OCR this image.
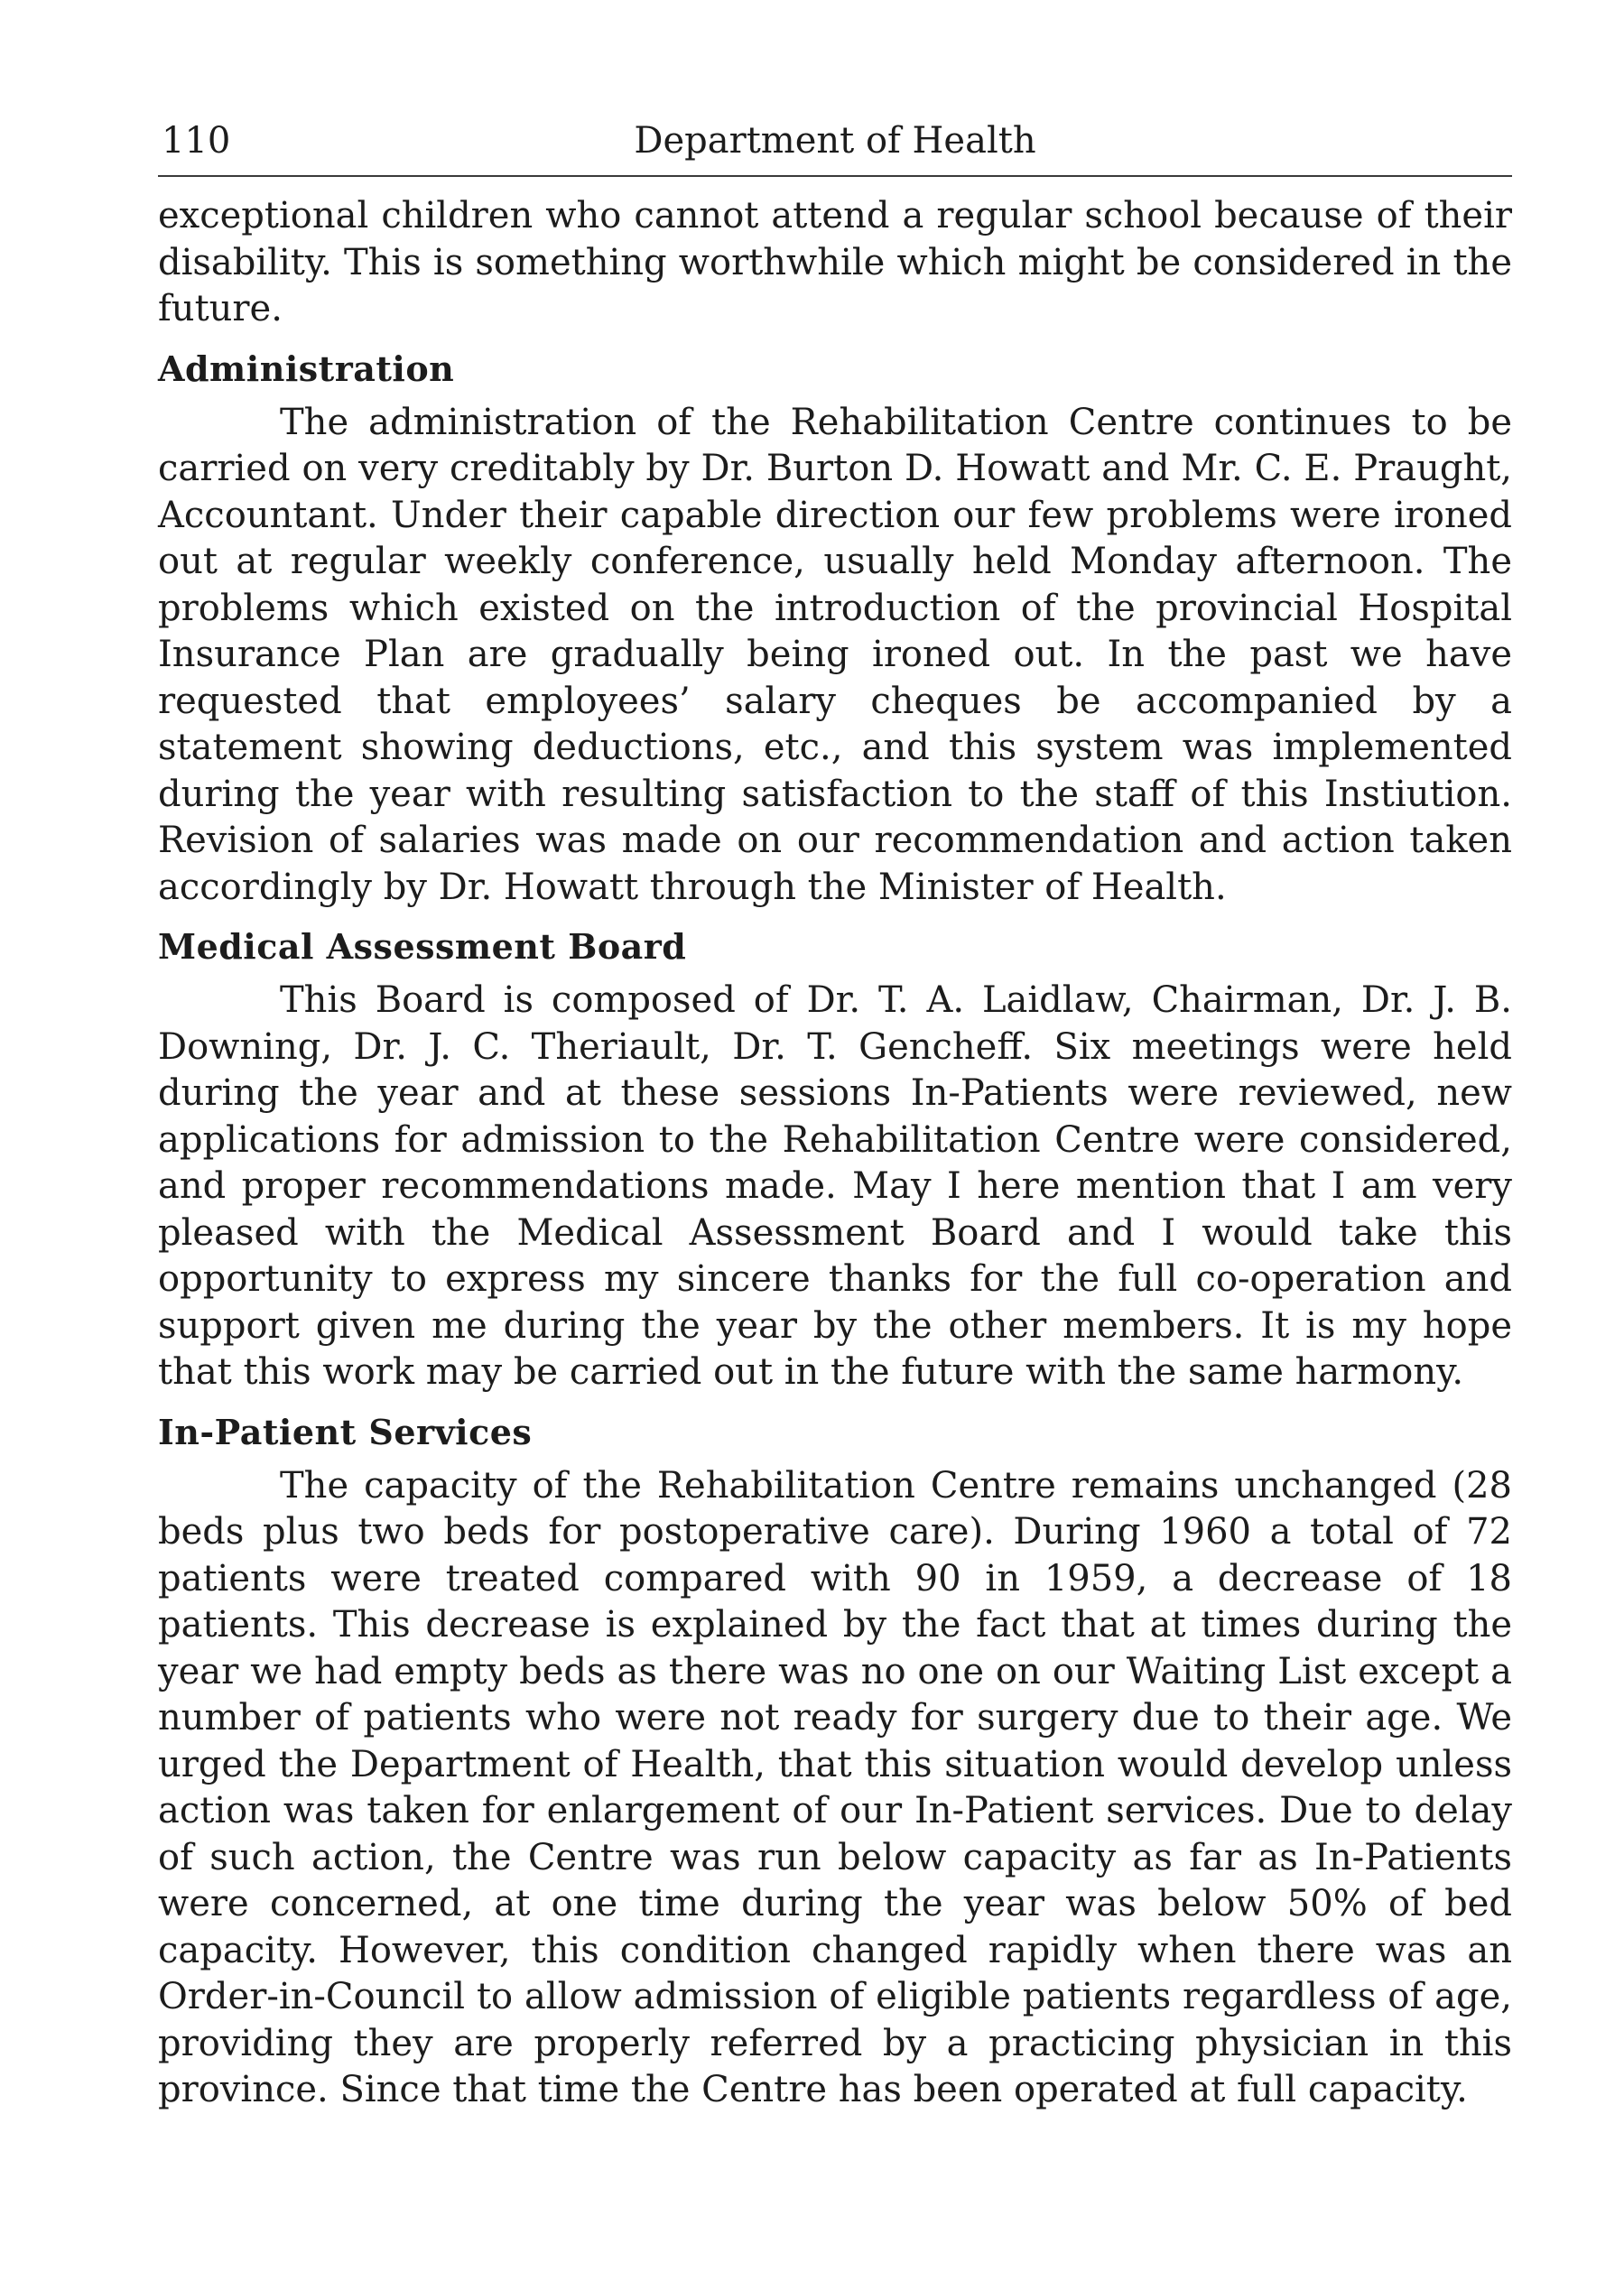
110	Department of Health

exceptional children who cannot attend a regular school because of their disability. This is something worthwhile which might be considered in the future.

Administration

The administration of the Rehabilitation Centre continues to be carried on very creditably by Dr. Burton D. Howatt and Mr. C. E. Praught, Accountant. Under their capable direction our few problems were ironed out at regular weekly conference, usually held Monday afternoon. The problems which existed on the introduction of the provincial Hospital Insurance Plan are gradually being ironed out. In the past we have requested that employees’ salary cheques be accompanied by a statement showing deductions, etc., and this system was implemented during the year with resulting satisfaction to the staff of this Instiution. Revision of salaries was made on our recommendation and action taken accordingly by Dr. Howatt through the Minister of Health.

Medical Assessment Board

This Board is composed of Dr. T. A. Laidlaw, Chairman, Dr. J. B. Downing, Dr. J. C. Theriault, Dr. T. Gencheff. Six meetings were held during the year and at these sessions In-Patients were reviewed, new applications for admission to the Rehabilitation Centre were considered, and proper recommendations made. May I here mention that I am very pleased with the Medical Assessment Board and I would take this opportunity to express my sincere thanks for the full co-operation and support given me during the year by the other members. It is my hope that this work may be carried out in the future with the same harmony.

In-Patient Services

The capacity of the Rehabilitation Centre remains unchanged (28 beds plus two beds for postoperative care). During 1960 a total of 72 patients were treated compared with 90 in 1959, a decrease of 18 patients. This decrease is explained by the fact that at times during the year we had empty beds as there was no one on our Waiting List except a number of patients who were not ready for surgery due to their age. We urged the Department of Health, that this situation would develop unless action was taken for enlargement of our In-Patient services. Due to delay of such action, the Centre was run below capacity as far as In-Patients were concerned, at one time during the year was below 50% of bed capacity. However, this condition changed rapidly when there was an Order-in-Council to allow admission of eligible patients regardless of age, providing they are properly referred by a practicing physician in this province. Since that time the Centre has been operated at full capacity.
